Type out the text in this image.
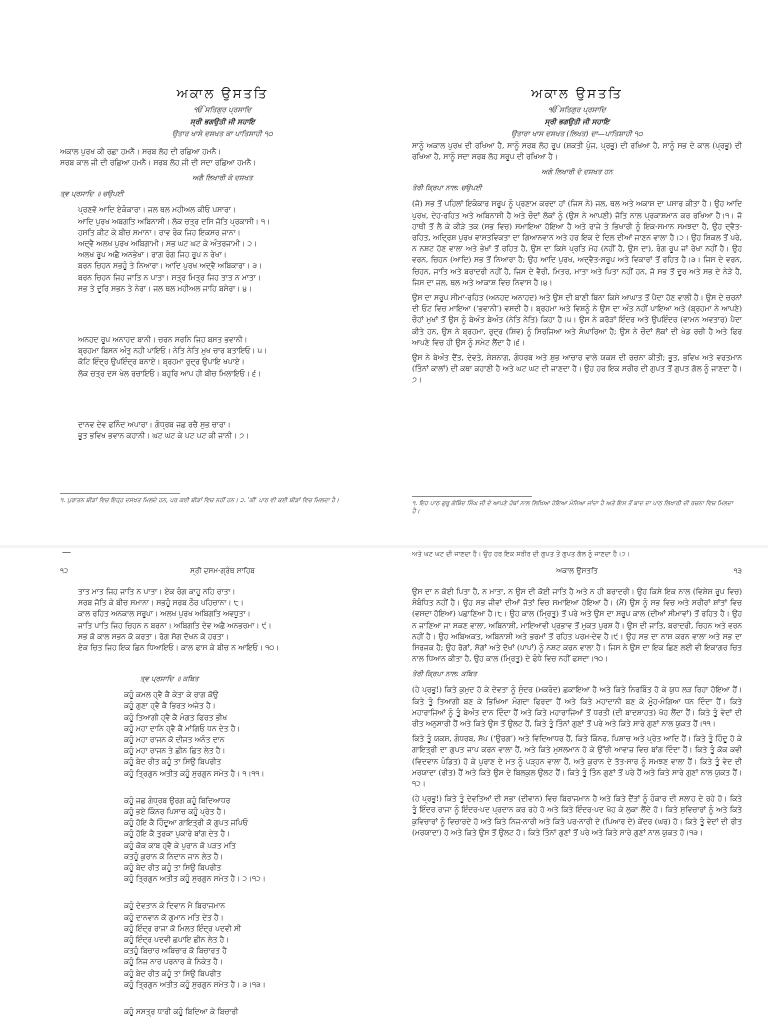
ਅਕਾਲ ਉਸਤਤਿ
ੴ ਸਤਿਗੁਰ ਪ੍ਰਸਾਦਿ
ਸ੍ਰੀ ਭਗਉਤੀ ਜੀ ਸਹਾਇ
ਉਤਾਰ ਖਾਸੇ ਦਸਖਤ ਕਾ ਪਾਤਿਸਾਹੀ ੧੦
ਅਕਾਲ ਪੁਰਖ ਕੀ ਰਛਾ ਹਮਨੈ। ਸਰਬ ਲੋਹ ਦੀ ਰਛਿਆ ਹਮਨੈ।
ਸਰਬ ਕਾਲ ਜੀ ਦੀ ਰਛਿਆ ਹਮਨੈ। ਸਰਬ ਲੋਹ ਜੀ ਦੀ ਸਦਾ ਰਛਿਆ ਹਮਨੈ।
ਅਗੈ ਲਿਖਾਰੀ ਕੇ ਦਸਖਤ
ਤ੍ਵ ਪ੍ਰਸਾਦਿ ॥ ਚਉਪਈ
ਪ੍ਰਣਵੋ ਆਦਿ ਏਕੰਕਾਰਾ। ਜਲ ਥਲ ਮਹੀਅਲ ਕੀਓ ਪਸਾਰਾ।
ਆਦਿ ਪੁਰਖ ਅਬਗਤਿ ਅਬਿਨਾਸੀ। ਲੋਕ ਚਤ੍ਰ ਦਸਿ ਜੋਤਿ ਪ੍ਰਕਾਸੀ। ੧।
ਹਸਤਿ ਕੀਟ ਕੇ ਬੀਚ ਸਮਾਨਾ। ਰਾਵ ਰੰਕ ਜਿਹ ਇਕਸਰ ਜਾਨਾ।
ਅਦ੍ਵੈ ਅਲਖ ਪੁਰਖ ਅਬਿਗਾਮੀ। ਸਭ ਘਟ ਘਟ ਕੇ ਅੰਤਰਜਾਮੀ। ੨।
ਅਲਖ ਰੂਪ ਅਛੈ ਅਨਭੇਖਾ। ਰਾਗ ਰੰਗ ਜਿਹ ਰੂਪ ਨ ਰੇਖਾ।
ਬਰਨ ਚਿਹਨ ਸਭਹੂੰ ਤੇ ਨਿਆਰਾ। ਆਦਿ ਪੁਰਖ ਅਦ੍ਵੈ ਅਬਿਕਾਰਾ। ੩।
ਬਰਨ ਚਿਹਨ ਜਿਹ ਜਾਤਿ ਨ ਪਾਤਾ। ਸਤ੍ਰ ਮਿਤ੍ਰ ਜਿਹ ਤਾਤ ਨ ਮਾਤਾ।
ਸਭ ਤੇ ਦੂਰਿ ਸਭਨ ਤੇ ਨੇਰਾ। ਜਲ ਥਲ ਮਹੀਅਲ ਜਾਹਿ ਬਸੇਰਾ। ੪।
ਅਨਹਦ ਰੂਪ ਅਨਾਹਦ ਬਾਨੀ। ਚਰਨ ਸਰਨਿ ਜਿਹ ਬਸਤ ਭਵਾਨੀ।
ਬ੍ਰਹਮਾ ਬਿਸਨ ਅੰਤੁ ਨਹੀ ਪਾਇਓ। ਨੇਤਿ ਨੇਤਿ ਮੁਖ ਚਾਰ ਬਤਾਇਓ। ੫।
ਕੋਟਿ ਇੰਦ੍ਰ ਉਪਇੰਦ੍ਰ ਬਨਾਏ। ਬ੍ਰਹਮਾ ਰੁਦ੍ਰ ਉਪਾਇ ਖਪਾਏ।
ਲੋਕ ਚਤ੍ਰ ਦਸ ਖੇਲ ਰਚਾਇਓ। ਬਹੁਰਿ ਆਪ ਹੀ ਬੀਚ ਮਿਲਾਇਓ। ੬।
ਦਾਨਵ ਦੇਵ ਫਨਿੰਦ ਅਪਾਰਾ। ਗੰਧ੍ਰਬ ਜਛ ਰਚੈ ਸੁਭ ਚਾਰਾ।
ਭੂਤ ਭਵਿਖ ਭਵਾਨ ਕਹਾਨੀ। ਘਟ ਘਟ ਕੇ ਪਟ ਪਟ ਕੀ ਜਾਨੀ। ੭।
ਅਕਾਲ ਉਸਤਤਿ
ੴ ਸਤਿਗੁਰ ਪ੍ਰਸਾਦਿ
ਸ੍ਰੀ ਭਗਉਤੀ ਜੀ ਸਹਾਇ
ਉਤਾਰਾ ਖਾਸ ਦਸਖਤ (ਲਿਖਤ) ਦਾ—ਪਾਤਿਸ਼ਾਹੀ ੧੦

ਸਾਨੂੰ ਅਕਾਲ ਪੁਰਖ ਦੀ ਰਖਿਆ ਹੈ, ਸਾਨੂੰ ਸਰਬ ਲੋਹ ਰੂਪ (ਸ਼ਕਤੀ ਪੁੰਜ, ਪ੍ਰਭੂ) ਦੀ ਰਖਿਆ ਹੈ, ਸਾਨੂੰ ਸਭ ਦੇ ਕਾਲ (ਪ੍ਰਭੂ) ਦੀ ਰਖਿਆ ਹੈ, ਸਾਨੂੰ ਸਦਾ ਸਰਬ ਲੋਹ ਸਰੂਪ ਦੀ ਰਖਿਆ ਹੈ।

ਅਗੇ ਲਿਖਾਰੀ ਦੇ ਦਸਖਤ ਹਨ
ਤੇਰੀ ਕ੍ਰਿਪਾ ਨਾਲ: ਚਉਪਈ

(ਜੋ) ਸਭ ਤੋਂ ਪਹਿਲਾਂ ਇਕੰਕਾਰ ਸਰੂਪ ਨੂੰ ਪ੍ਰਣਾਮ ਕਰਦਾ ਹਾਂ (ਜਿਸ ਨੇ) ਜਲ, ਥਲ ਅਤੇ ਅਕਾਸ਼ ਦਾ ਪਸਾਰ ਕੀਤਾ ਹੈ। ਉਹ ਆਦਿ ਪੁਰਖ, ਦੇਹ-ਰਹਿਤ ਅਤੇ ਅਬਿਨਾਸ਼ੀ ਹੈ ਅਤੇ ਚੌਦਾਂ ਲੋਕਾਂ ਨੂੰ (ਉਸ ਨੇ ਆਪਣੀ) ਜੋਤਿ ਨਾਲ ਪ੍ਰਕਾਸ਼ਮਾਨ ਕਰ ਰਖਿਆ ਹੈ।੧। ਜੋ ਹਾਥੀ ਤੋਂ ਲੈ ਕੇ ਕੀੜੇ ਤਕ (ਸਭ ਵਿਚ) ਸਮਾਇਆ ਹੋਇਆ ਹੈ ਅਤੇ ਰਾਜੇ ਤੇ ਭਿਖਾਰੀ ਨੂੰ ਇਕ-ਸਮਾਨ ਸਮਝਦਾ ਹੈ, ਉਹ ਦ੍ਵੈਤ-ਰਹਿਤ, ਅਦ੍ਰਿਸ਼ ਪੁਰਖ ਵਾਸਤਵਿਕਤਾ ਦਾ ਗਿਆਨਵਾਨ ਅਤੇ ਹਰ ਇਕ ਦੇ ਦਿਲ ਦੀਆਂ ਜਾਣਨ ਵਾਲਾ ਹੈ।੨। ਉਹ ਸ਼ਿਕਲ ਤੋਂ ਪਰੇ, ਨ ਨਸ਼ਟ ਹੋਣ ਵਾਲਾ ਅਤੇ ਭੇਖਾਂ ਤੋਂ ਰਹਿਤ ਹੈ, ਉਸ ਦਾ ਕਿਸੇ ਪ੍ਰਤਿ ਮੋਹ (ਨਹੀਂ ਹੈ, ਉਸ ਦਾ), ਰੰਗ ਰੂਪ ਜਾਂ ਰੇਖਾ ਨਹੀਂ ਹੈ। ਉਹ ਵਰਨ, ਚਿਹਨ (ਆਦਿ) ਸਭ ਤੋਂ ਨਿਆਰਾ ਹੈ; ਉਹ ਆਦਿ ਪੁਰਖ, ਅਦ੍ਵੈਤ-ਸਰੂਪ ਅਤੇ ਵਿਕਾਰਾਂ ਤੋਂ ਰਹਿਤ ਹੈ।੩। ਜਿਸ ਦੇ ਵਰਨ, ਚਿਹਨ, ਜਾਤਿ ਅਤੇ ਬਰਾਦਰੀ ਨਹੀਂ ਹੈ, ਜਿਸ ਦੇ ਵੈਰੀ, ਮਿਤਰ, ਮਾਤਾ ਅਤੇ ਪਿਤਾ ਨਹੀਂ ਹਨ, ਜੋ ਸਭ ਤੋਂ ਦੂਰ ਅਤੇ ਸਭ ਦੇ ਨੇੜੇ ਹੈ, ਜਿਸ ਦਾ ਜਲ, ਥਲ ਅਤੇ ਆਕਾਸ਼ ਵਿਚ ਨਿਵਾਸ ਹੈ।੪।

ਉਸ ਦਾ ਸਰੂਪ ਸੀਮਾ-ਰਹਿਤ (ਅਨਹਦ ਅਨਾਹਦ) ਅਤੇ ਉਸ ਦੀ ਬਾਣੀ ਬਿਨਾ ਕਿਸੇ ਆਘਾਤ ਤੋਂ ਪੈਦਾ ਹੋਣ ਵਾਲੀ ਹੈ। ਉਸ ਦੇ ਚਰਨਾਂ ਦੀ ਓਟ ਵਿਚ ਮਾਇਆ (‘ਭਵਾਨੀ’) ਵਸਦੀ ਹੈ। ਬ੍ਰਹਮਾ ਅਤੇ ਵਿਸ਼ਨੂੰ ਨੇ ਉਸ ਦਾ ਅੰਤ ਨਹੀਂ ਪਾਇਆ ਅਤੇ (ਬ੍ਰਹਮਾ ਨੇ ਆਪਣੇ) ਚੌਹਾਂ ਮੁਖਾਂ ਤੋਂ ਉਸ ਨੂੰ ਬੇਅੰਤ ਬੇਅੰਤ (ਨੇਤਿ ਨੇਤਿ) ਕਿਹਾ ਹੈ।੫। ਉਸ ਨੇ ਕਰੋੜਾਂ ਇੰਦਰ ਅਤੇ ਉਪਇੰਦਰ (ਵਾਮਨ ਅਵਤਾਰ) ਪੈਦਾ ਕੀਤੇ ਹਨ, ਉਸ ਨੇ ਬ੍ਰਹਮਾ, ਰੁਦ੍ਰ (ਸ਼ਿਵ) ਨੂੰ ਸਿਰਜਿਆ ਅਤੇ ਸੰਘਾਰਿਆ ਹੈ; ਉਸ ਨੇ ਚੌਦਾਂ ਲੋਕਾਂ ਦੀ ਖੇਡ ਰਚੀ ਹੈ ਅਤੇ ਫਿਰ ਆਪਣੇ ਵਿਚ ਹੀ ਉਸ ਨੂੰ ਸਮੇਟ ਲੈਂਦਾ ਹੈ।੬।

ਉਸ ਨੇ ਬੇਅੰਤ ਦੈਂਤ, ਦੇਵਤੇ, ਸ਼ੇਸ਼ਨਾਗ, ਗੰਧਰਬ ਅਤੇ ਸ਼ੁਭ ਆਚਾਰ ਵਾਲੇ ਯਕਸ਼ ਦੀ ਰਚਨਾ ਕੀਤੀ; ਭੂਤ, ਭਵਿਖ ਅਤੇ ਵਰਤਮਾਨ (ਤਿੰਨਾਂ ਕਾਲਾਂ) ਦੀ ਕਥਾ ਕਹਾਣੀ ਹੈ ਅਤੇ ਘਟ ਘਟ ਦੀ ਜਾਣਦਾ ਹੈ। ਉਹ ਹਰ ਇਕ ਸਰੀਰ ਦੀ ਗੁਪਤ ਤੋਂ ਗੁਪਤ ਗੱਲ ਨੂੰ ਜਾਣਦਾ ਹੈ।੭।

੧. ਪੁਰਾਤਨ ਬੀੜਾਂ ਵਿਚ ਇਹ੍ਹ ਦਸਖਤ ਮਿਲਦੇ ਹਨ, ਪਰ ਕਈ ਬੀੜਾਂ ਵਿਚ ਨਹੀਂ ਹਨ। ੨. 'ਕੀ' ਪਾਠ ਵੀ ਕਈ ਬੀੜਾਂ ਵਿਚ ਮਿਲਦਾ ਹੈ।	੧. ਇਹ ਪਾਠ ਗੁਰੂ ਗੋਬਿੰਦ ਸਿੰਘ ਜੀ ਦੇ ਆਪਣੇ ਹੱਥਾਂ ਨਾਲ ਲਿਖਿਆ ਹੋਇਆ ਮੰਨਿਆ ਜਾਂਦਾ ਹੈ ਅਤੇ ਇਸ ਤੋਂ ਬਾਦ ਦਾ ਪਾਠ ਲਿਖਾਰੀ ਦੀ ਰਚਨਾ ਵਿਚ ਮਿਲਦਾ ਹੈ।
—	ਅਤੇ ਘਟ ਘਟ ਦੀ ਜਾਣਦਾ ਹੈ। ਉਹ ਹਰ ਇਕ ਸਰੀਰ ਦੀ ਗੁਪਤ ਤੋਂ ਗੁਪਤ ਗੱਲ ਨੂੰ ਜਾਣਦਾ ਹੈ।੭।
੧੨	ਸ੍ਰੀ ਦਸਮ-ਗ੍ਰੰਥ ਸਾਹਿਬ	ਅਕਾਲ ਉਸਤਤਿ	੧੩
ਤਾਤ ਮਾਤ ਜਿਹ ਜਾਤਿ ਨ ਪਾਤਾ। ਏਕ ਰੰਗ ਕਾਹੂ ਨਹਿ ਰਾਤਾ।
ਸਰਬ ਜੋਤਿ ਕੇ ਬੀਚ ਸਮਾਨਾ। ਸਭਹੂੰ ਸਰਬ ਠੌਰ ਪਹਿਚਾਨਾ। ੮।
ਕਾਲ ਰਹਿਤ ਅਨਕਾਲ ਸਰੂਪਾ। ਅਲਖ ਪੁਰਖ ਅਬਿਗਤਿ ਅਵਧੂਤਾ।
ਜਾਤਿ ਪਾਤਿ ਜਿਹ ਚਿਹਨ ਨ ਬਰਨਾ। ਅਬਿਗਤਿ ਦੇਵ ਅਛੈ ਅਨਭਰਮਾ। ੯।
ਸਭ ਕੋ ਕਾਲ ਸਭਨ ਕੋ ਕਰਤਾ। ਰੋਗ ਸੋਗ ਦੋਖਨ ਕੋ ਹਰਤਾ।
ਏਕ ਚਿਤ ਜਿਹ ਇਕ ਛਿਨ ਧਿਆਇਓ। ਕਾਲ ਫਾਸ ਕੇ ਬੀਚ ਨ ਆਇਓ। ੧੦।
ਤ੍ਵ ਪ੍ਰਸਾਦਿ ॥ ਕਬਿਤ
ਕਹੂੰ ਕਮਲ ਹ੍ਵੈ ਕੈ ਕੇਤਾ ਕੇ ਰਾਗ ਕੋਉ
ਕਹੂੰ ਗੁਣਾ ਹ੍ਵੈ ਕੈ ਭਿਰਤ ਅਜੇਤ ਹੈ।
ਕਹੂੰ ਤਿਆਗੀ ਹ੍ਵੈ ਕੈ ਮੰਗਤ ਫਿਰਤ ਭੀਖ
ਕਹੂੰ ਮਹਾ ਦਾਨਿ ਹ੍ਵੈ ਕੈ ਮਾਂਗਿਓ ਧਨ ਦੇਤ ਹੈ।
ਕਹੂੰ ਮਹਾ ਰਾਜਨ ਕੋ ਦੀਜਤ ਅਨੰਤ ਦਾਨ
ਕਹੂੰ ਮਹਾ ਰਾਜਨ ਤੇ ਛੀਨ ਛਿਤ ਲੇਤ ਹੈ।
ਕਹੂੰ ਬੇਦ ਰੀਤ ਕਹੂੰ ਤਾ ਸਿਉ ਬਿਪਰੀਤ
ਕਹੂੰ ਤ੍ਰਿਗੁਨ ਅਤੀਤ ਕਹੂੰ ਸੁਰਗੁਨ ਸਮੇਤ ਹੈ। ੧।੧੧।
ਕਹੂੰ ਜਛ ਗੰਧ੍ਰਬ ਉਰਗ ਕਹੂੰ ਬਿਦਿਆਧਰ
ਕਹੂੰ ਭਏ ਕਿੰਨਰ ਪਿਸਾਚ ਕਹੂੰ ਪ੍ਰੇਤ ਹੈ।
ਕਹੂੰ ਹੋਇ ਕੈ ਹਿੰਦੂਆ ਗਾਇਤ੍ਰੀ ਕੋ ਗੁਪਤ ਜਪਿਓ
ਕਹੂੰ ਹੋਇ ਕੈ ਤੁਰਕਾ ਪੁਕਾਰੇ ਬਾਂਗ ਦੇਤ ਹੈ।
ਕਹੂੰ ਕੋਕ ਕਾਬ ਹ੍ਵੈ ਕੇ ਪੁਰਾਨ ਕੋ ਪੜਤ ਮਤਿ
ਕਤਹੂੰ ਕੁਰਾਨ ਕੋ ਨਿਦਾਨ ਜਾਨ ਲੇਤ ਹੈ।
ਕਹੂੰ ਬੇਦ ਰੀਤ ਕਹੂੰ ਤਾ ਸਿਉ ਬਿਪਰੀਤ
ਕਹੂੰ ਤ੍ਰਿਗੁਨ ਅਤੀਤ ਕਹੂੰ ਸੁਰਗੁਨ ਸਮੇਤ ਹੈ। ੨।੧੨।
ਕਹੂੰ ਦੇਵਤਾਨ ਕੇ ਦਿਵਾਨ ਮੈ ਬਿਰਾਜਮਾਨ
ਕਹੂੰ ਦਾਨਵਾਨ ਕੋ ਗੁਮਾਨ ਮਤਿ ਦੇਤ ਹੈ।
ਕਹੂੰ ਇੰਦ੍ਰ ਰਾਜਾ ਕੋ ਮਿਲਤ ਇੰਦ੍ਰ ਪਦਵੀ ਸੀ
ਕਹੂੰ ਇੰਦ੍ਰ ਪਦਵੀ ਛਪਾਇ ਛੀਨ ਲੇਤ ਹੈ।
ਕਤਹੂੰ ਬਿਚਾਰ ਅਬਿਚਾਰ ਕੋ ਬਿਚਾਰਤ ਹੈ
ਕਹੂੰ ਨਿਜ ਨਾਰ ਪਰਨਾਰ ਕੇ ਨਿਕੇਤ ਹੈ।
ਕਹੂੰ ਬੇਦ ਰੀਤ ਕਹੂੰ ਤਾ ਸਿਉ ਬਿਪਰੀਤ
ਕਹੂੰ ਤ੍ਰਿਗੁਨ ਅਤੀਤ ਕਹੂੰ ਸੁਰਗੁਨ ਸਮੇਤ ਹੈ। ੩।੧੩।
ਕਹੂੰ ਸਸਤ੍ਰ ਧਾਰੀ ਕਹੂੰ ਬਿਦਿਆ ਕੇ ਬਿਚਾਰੀ

ਉਸ ਦਾ ਨ ਕੋਈ ਪਿਤਾ ਹੈ, ਨ ਮਾਤਾ, ਨ ਉਸ ਦੀ ਕੋਈ ਜਾਤਿ ਹੈ ਅਤੇ ਨ ਹੀ ਬਰਾਦਰੀ। ਉਹ ਕਿਸੇ ਇਕ ਨਾਲ (ਵਿਸ਼ੇਸ਼ ਰੂਪ ਵਿਚ) ਸੰਬੰਧਿਤ ਨਹੀਂ ਹੈ। ਉਹ ਸਭ ਜੀਵਾਂ ਦੀਆਂ ਜੋਤਾਂ ਵਿਚ ਸਮਾਇਆ ਹੋਇਆ ਹੈ। (ਮੈਂ) ਉਸ ਨੂੰ ਸਭ ਵਿਚ ਅਤੇ ਸਰੀਰਾਂ ਸ਼ਾਂਤਾਂ ਵਿਚ (ਵਸਦਾ ਹੋਇਆ) ਪਛਾਣਿਆ ਹੈ।੮। ਉਹ ਕਾਲ (ਮ੍ਰਿਤੂ) ਤੋਂ ਪਰੇ ਅਤੇ ਉਸ ਦਾ ਸਰੂਪ ਕਾਲ (ਦੀਆਂ ਸੀਮਾਵਾਂ) ਤੋਂ ਰਹਿਤ ਹੈ। ਉਹ ਨ ਜਾਣਿਆ ਜਾ ਸਕਣ ਵਾਲਾ, ਅਬਿਨਾਸ਼ੀ, ਮਾਇਆਵੀ ਪ੍ਰਭਾਵ ਤੋਂ ਮੁਕਤ ਪੁਰਸ਼ ਹੈ। ਉਸ ਦੀ ਜਾਤਿ, ਬਰਾਦਰੀ, ਚਿਹਨ ਅਤੇ ਵਰਨ ਨਹੀਂ ਹੈ। ਉਹ ਅਬਿਅਕਤ, ਅਬਿਨਾਸ਼ੀ ਅਤੇ ਭਰਮਾਂ ਤੋਂ ਰਹਿਤ ਪਰਮ-ਦੇਵ ਹੈ।੯। ਉਹ ਸਭ ਦਾ ਨਾਸ਼ ਕਰਨ ਵਾਲਾ ਅਤੇ ਸਭ ਦਾ ਸਿਰਜਕ ਹੈ; ਉਹ ਰੋਗਾਂ, ਸੋਗਾਂ ਅਤੇ ਦੋਖਾਂ (ਪਾਪਾਂ) ਨੂੰ ਨਸ਼ਟ ਕਰਨ ਵਾਲਾ ਹੈ। ਜਿਸ ਨੇ ਉਸ ਦਾ ਇਕ ਛਿਣ ਲਈ ਵੀ ਇਕਾਗਰ ਚਿਤ ਨਾਲ ਧਿਆਨ ਕੀਤਾ ਹੈ, ਉਹ ਕਾਲ (ਮ੍ਰਿਤੂ) ਦੇ ਫੰਧੇ ਵਿਚ ਨਹੀਂ ਫਸਦਾ।੧੦।

ਤੇਰੀ ਕ੍ਰਿਪਾ ਨਾਲ: ਕਬਿਤ

(ਹੇ ਪ੍ਰਭੂ!) ਕਿਤੇ ਕੁਮੁਦ ਹੋ ਕੇ ਦੇਵਤਾ ਨੂੰ ਸੁੰਦਰ (ਮਕਰੰਦ) ਛਕਾਇਆ ਹੈ ਅਤੇ ਕਿਤੇ ਨਿਰਬਿੰਤ ਹੋ ਕੇ ਯੁਧ ਲੜ ਰਿਹਾ ਹੋਇਆ ਹੈਂ। ਕਿਤੇ ਤੂੰ ਤਿਆਗੀ ਬਣ ਕੇ ਭਿਖਿਆ ਮੰਗਦਾ ਫਿਰਦਾ ਹੈਂ ਅਤੇ ਕਿਤੇ ਮਹਾਦਾਨੀ ਬਣ ਕੇ ਮੂੰਹ-ਮੰਗਿਆ ਧਨ ਦਿੰਦਾ ਹੈਂ। ਕਿਤੇ ਮਹਾਰਾਜਿਆਂ ਨੂੰ ਤੂੰ ਬੇਅੰਤ ਦਾਨ ਦਿੰਦਾ ਹੈਂ ਅਤੇ ਕਿਤੇ ਮਹਾਰਾਜਿਆਂ ਤੋਂ ਧਰਤੀ (ਦੀ ਬਾਦਸ਼ਾਹਤ) ਖੋਹ ਲੈਂਦਾ ਹੈਂ। ਕਿਤੇ ਤੂੰ ਵੇਦਾਂ ਦੀ ਰੀਤ ਅਨੁਸਾਰੀ ਹੈਂ ਅਤੇ ਕਿਤੇ ਉਸ ਤੋਂ ਉਲਟ ਹੈਂ, ਕਿਤੇ ਤੂੰ ਤਿੰਨਾਂ ਗੁਣਾਂ ਤੋਂ ਪਰੇ ਅਤੇ ਕਿਤੇ ਸਾਰੇ ਗੁਣਾਂ ਨਾਲ ਯੁਕਤ ਹੈਂ।੧੧।

ਕਿਤੇ ਤੂੰ ਯਕਸ਼, ਗੰਧਰਬ, ਸੱਪ (‘ਉਰਗ’) ਅਤੇ ਵਿਦਿਆਧਰ ਹੈਂ, ਕਿਤੇ ਕਿੰਨਰ, ਪਿਸ਼ਾਚ ਅਤੇ ਪ੍ਰੇਤ ਆਦਿ ਹੈਂ। ਕਿਤੇ ਤੂੰ ਹਿੰਦੂ ਹੋ ਕੇ ਗਾਇਤ੍ਰੀ ਦਾ ਗੁਪਤ ਜਾਪ ਕਰਨ ਵਾਲਾ ਹੈਂ, ਅਤੇ ਕਿਤੇ ਮੁਸਲਮਾਨ ਹੋ ਕੇ ਉੱਚੀ ਆਵਾਜ਼ ਵਿਚ ਬਾਂਗ ਦਿੰਦਾ ਹੈਂ। ਕਿਤੇ ਤੂੰ ਕੋਕ ਕਵੀ (ਵਿਦਵਾਨ ਪੰਡਿਤ) ਹੋ ਕੇ ਪੁਰਾਣ ਦੇ ਮਤ ਨੂੰ ਪੜ੍ਹਨ ਵਾਲਾ ਹੈਂ, ਅਤੇ ਕੁਰਾਨ ਦੇ ਤੱਤ-ਸਾਰ ਨੂੰ ਸਮਝਣ ਵਾਲਾ ਹੈਂ। ਕਿਤੇ ਤੂੰ ਵੇਦ ਦੀ ਮਰਯਾਦਾ (ਰੀਤ) ਹੈਂ ਅਤੇ ਕਿਤੇ ਉਸ ਦੇ ਬਿਲਕੁਲ ਉਲਟ ਹੈਂ। ਕਿਤੇ ਤੂੰ ਤਿੰਨ ਗੁਣਾਂ ਤੋਂ ਪਰੇ ਹੈਂ ਅਤੇ ਕਿਤੇ ਸਾਰੇ ਗੁਣਾਂ ਨਾਲ ਯੁਕਤ ਹੈਂ।੧੨।

(ਹੇ ਪ੍ਰਭੂ!) ਕਿਤੇ ਤੂੰ ਦੇਵਤਿਆਂ ਦੀ ਸਭਾ (ਦੀਵਾਨ) ਵਿਚ ਬਿਰਾਜਮਾਨ ਹੈ ਅਤੇ ਕਿਤੇ ਦੈਂਤਾਂ ਨੂੰ ਹੰਕਾਰ ਦੀ ਸਲਾਹ ਦੇ ਰਹੇ ਹੋ। ਕਿਤੇ ਤੂੰ ਇੰਦਰ ਰਾਜਾ ਨੂੰ ਇੰਦਰ-ਪਦ ਪ੍ਰਦਾਨ ਕਰ ਰਹੇ ਹੋ ਅਤੇ ਕਿਤੇ ਇੰਦਰ-ਪਦ ਖੋਹ ਕੇ ਲੁਕਾ ਲੈਂਦੇ ਹੋ। ਕਿਤੇ ਸੁਵਿਚਾਰਾਂ ਨੂੰ ਅਤੇ ਕਿਤੇ ਕੁਵਿਚਾਰਾਂ ਨੂੰ ਵਿਚਾਰਦੇ ਹੋ ਅਤੇ ਕਿਤੇ ਨਿਜ-ਨਾਰੀ ਅਤੇ ਕਿਤੇ ਪਰ-ਨਾਰੀ ਦੇ (ਪਿਆਰ ਦੇ) ਕੇਂਦਰ (ਘਰ) ਹੋ। ਕਿਤੇ ਤੂੰ ਵੇਦਾਂ ਦੀ ਰੀਤ (ਮਰਯਾਦਾ) ਹੋ ਅਤੇ ਕਿਤੇ ਉਸ ਤੋਂ ਉਲਟ ਹੋ। ਕਿਤੇ ਤਿੰਨਾਂ ਗੁਣਾਂ ਤੋਂ ਪਰੇ ਅਤੇ ਕਿਤੇ ਸਾਰੇ ਗੁਣਾਂ ਨਾਲ ਯੁਕਤ ਹੋ।੧੩।
